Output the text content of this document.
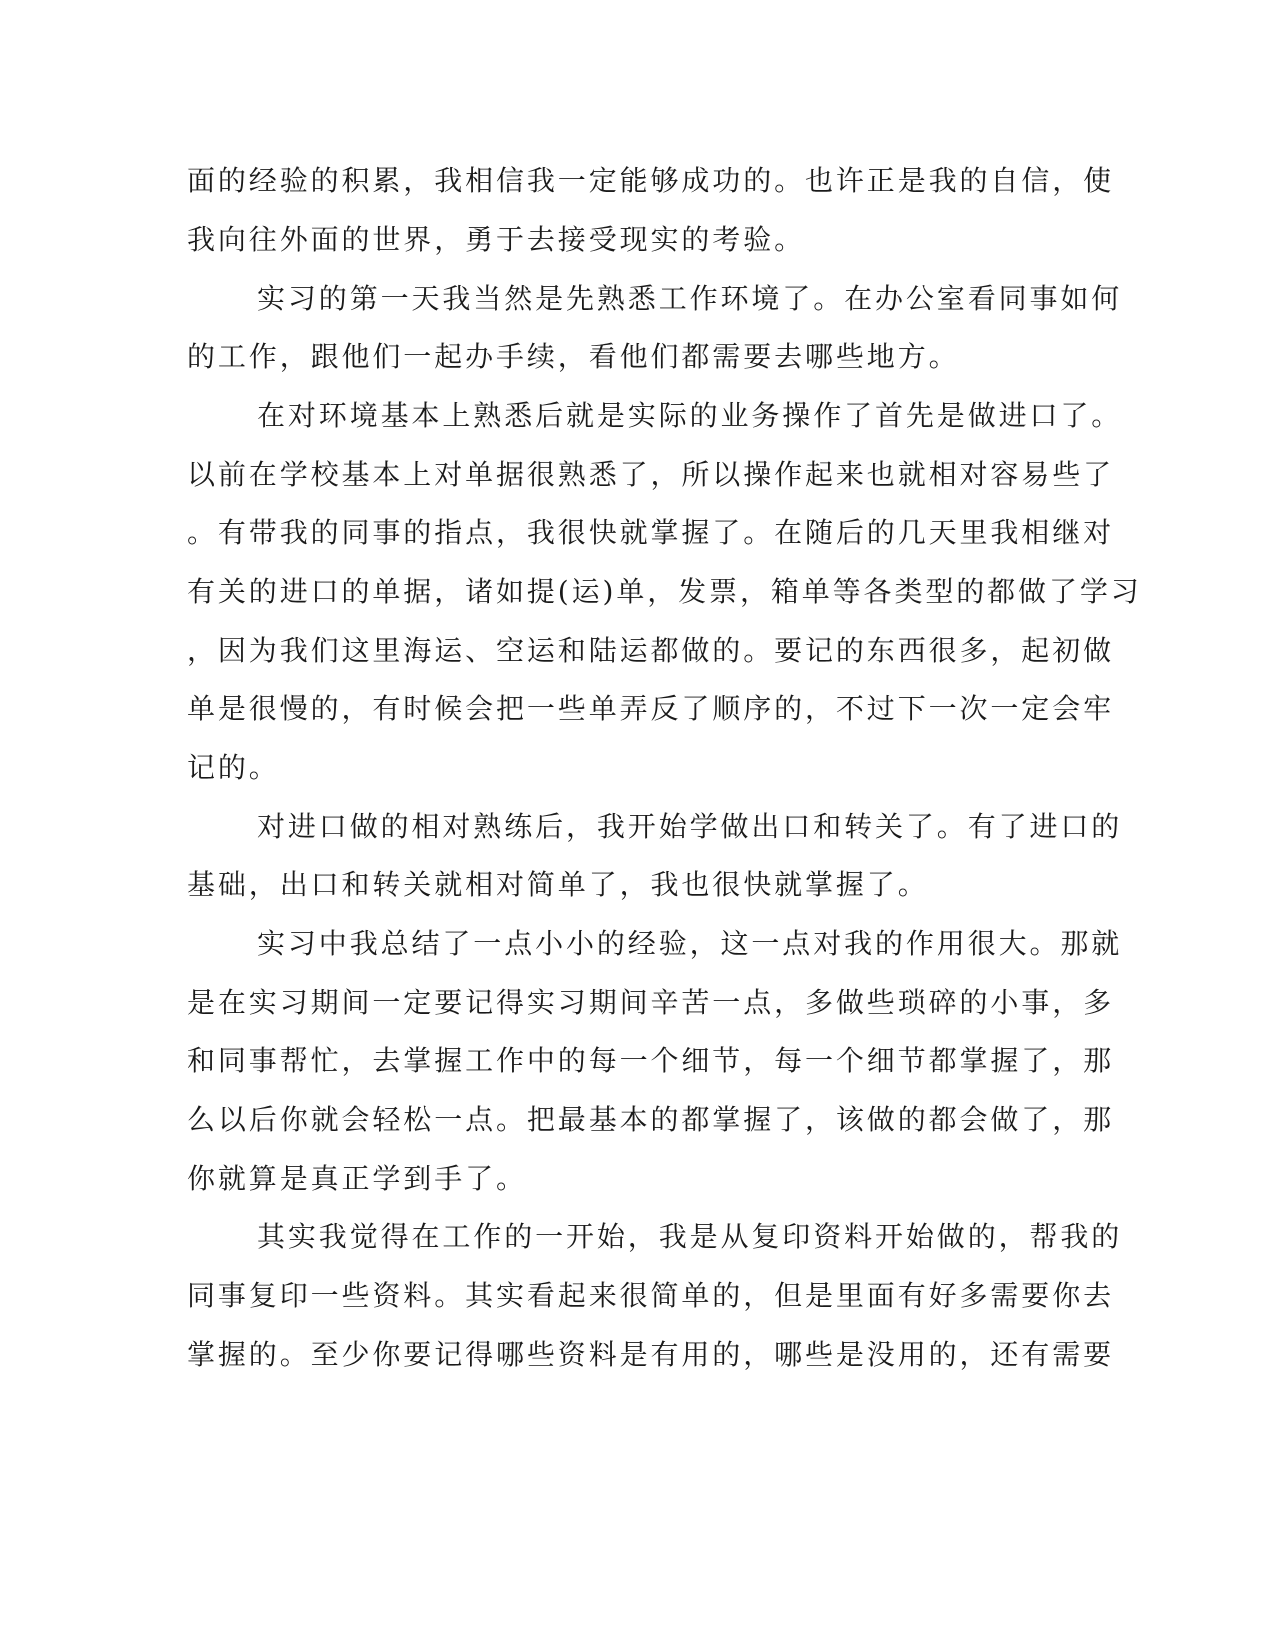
面的经验的积累，我相信我一定能够成功的。也许正是我的自信，使
我向往外面的世界，勇于去接受现实的考验。
实习的第一天我当然是先熟悉工作环境了。在办公室看同事如何
的工作，跟他们一起办手续，看他们都需要去哪些地方。
在对环境基本上熟悉后就是实际的业务操作了首先是做进口了。
以前在学校基本上对单据很熟悉了，所以操作起来也就相对容易些了
。有带我的同事的指点，我很快就掌握了。在随后的几天里我相继对
有关的进口的单据，诸如提(运)单，发票，箱单等各类型的都做了学习
，因为我们这里海运、空运和陆运都做的。要记的东西很多，起初做
单是很慢的，有时候会把一些单弄反了顺序的，不过下一次一定会牢
记的。
对进口做的相对熟练后，我开始学做出口和转关了。有了进口的
基础，出口和转关就相对简单了，我也很快就掌握了。
实习中我总结了一点小小的经验，这一点对我的作用很大。那就
是在实习期间一定要记得实习期间辛苦一点，多做些琐碎的小事，多
和同事帮忙，去掌握工作中的每一个细节，每一个细节都掌握了，那
么以后你就会轻松一点。把最基本的都掌握了，该做的都会做了，那
你就算是真正学到手了。
其实我觉得在工作的一开始，我是从复印资料开始做的，帮我的
同事复印一些资料。其实看起来很简单的，但是里面有好多需要你去
掌握的。至少你要记得哪些资料是有用的，哪些是没用的，还有需要
